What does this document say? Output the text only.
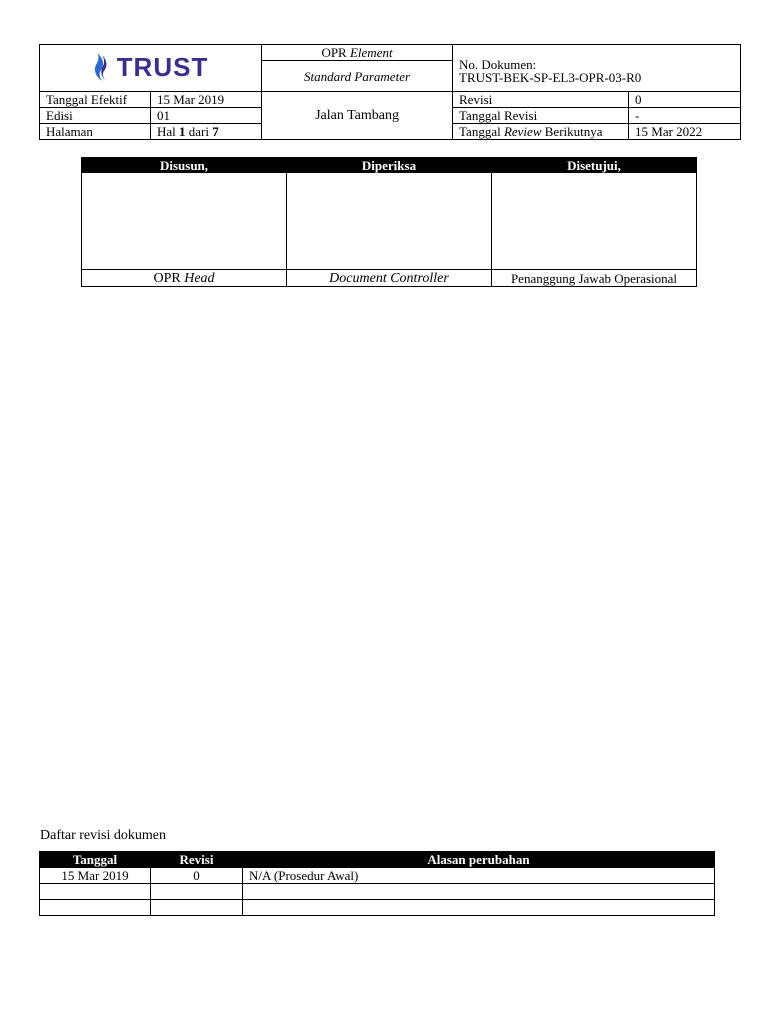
TRUST		OPR Element	No. Dokumen:
TRUST-BEK-SP-EL3-OPR-03-R0	

		Standard Parameter		

Tanggal Efektif	15 Mar 2019	Jalan Tambang	Revisi	0
Edisi	01		Tanggal Revisi	-
Halaman	Hal 1 dari 7		Tanggal Review Berikutnya	15 Mar 2022
Disusun,	Diperiksa	Disetujui,

OPR Head	Document Controller	Penanggung Jawab Operasional
Daftar revisi dokumen
Tanggal	Revisi	Alasan perubahan
15 Mar 2019	0	N/A (Prosedur Awal)
